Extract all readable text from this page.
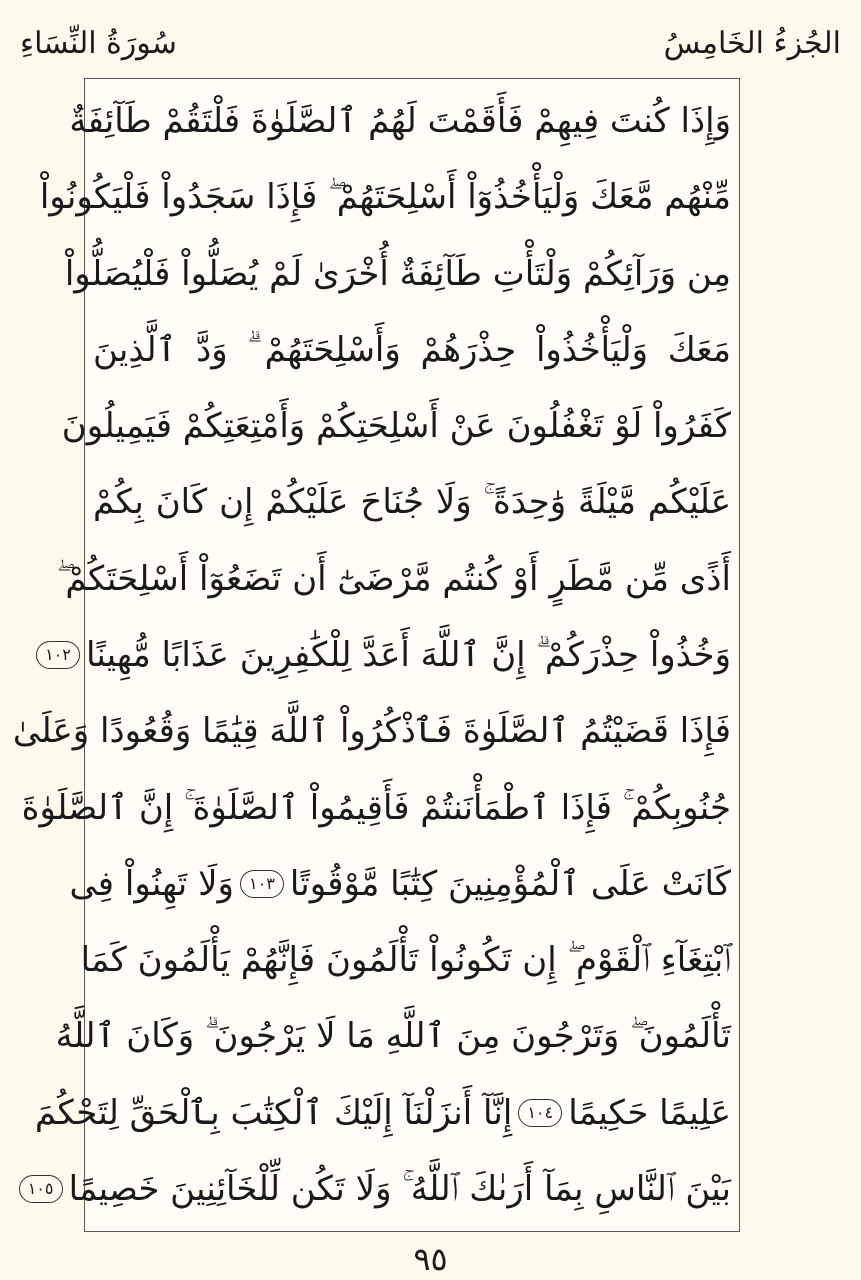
الجُزءُ الخَامِسُ
سُورَةُ النِّسَاءِ
وَإِذَا كُنتَ فِيهِمْ فَأَقَمْتَ لَهُمُ ٱلصَّلَوٰةَ فَلْتَقُمْ طَآئِفَةٌ
مِّنْهُم مَّعَكَ وَلْيَأْخُذُوٓاْ أَسْلِحَتَهُمْ ۖ فَإِذَا سَجَدُواْ فَلْيَكُونُواْ
مِن وَرَآئِكُمْ وَلْتَأْتِ طَآئِفَةٌ أُخْرَىٰ لَمْ يُصَلُّواْ فَلْيُصَلُّواْ
مَعَكَ وَلْيَأْخُذُواْ حِذْرَهُمْ وَأَسْلِحَتَهُمْ ۗ وَدَّ ٱلَّذِينَ
كَفَرُواْ لَوْ تَغْفُلُونَ عَنْ أَسْلِحَتِكُمْ وَأَمْتِعَتِكُمْ فَيَمِيلُونَ
عَلَيْكُم مَّيْلَةً وَٰحِدَةً ۚ وَلَا جُنَاحَ عَلَيْكُمْ إِن كَانَ بِكُمْ
أَذًى مِّن مَّطَرٍ أَوْ كُنتُم مَّرْضَىٰٓ أَن تَضَعُوٓاْ أَسْلِحَتَكُمْ ۖ
وَخُذُواْ حِذْرَكُمْ ۗ إِنَّ ٱللَّهَ أَعَدَّ لِلْكَٰفِرِينَ عَذَابًا مُّهِينًا
١٠٢
فَإِذَا قَضَيْتُمُ ٱلصَّلَوٰةَ فَٱذْكُرُواْ ٱللَّهَ قِيَٰمًا وَقُعُودًا وَعَلَىٰ
جُنُوبِكُمْ ۚ فَإِذَا ٱطْمَأْنَنتُمْ فَأَقِيمُواْ ٱلصَّلَوٰةَ ۚ إِنَّ ٱلصَّلَوٰةَ
كَانَتْ عَلَى ٱلْمُؤْمِنِينَ كِتَٰبًا مَّوْقُوتًا
١٠٣
وَلَا تَهِنُواْ فِى
ٱبْتِغَآءِ ٱلْقَوْمِ ۖ إِن تَكُونُواْ تَأْلَمُونَ فَإِنَّهُمْ يَأْلَمُونَ كَمَا
تَأْلَمُونَ ۖ وَتَرْجُونَ مِنَ ٱللَّهِ مَا لَا يَرْجُونَ ۗ وَكَانَ ٱللَّهُ
عَلِيمًا حَكِيمًا
١٠٤
إِنَّآ أَنزَلْنَآ إِلَيْكَ ٱلْكِتَٰبَ بِٱلْحَقِّ لِتَحْكُمَ
بَيْنَ ٱلنَّاسِ بِمَآ أَرَىٰكَ ٱللَّهُ ۚ وَلَا تَكُن لِّلْخَآئِنِينَ خَصِيمًا
١٠٥
٩٥
